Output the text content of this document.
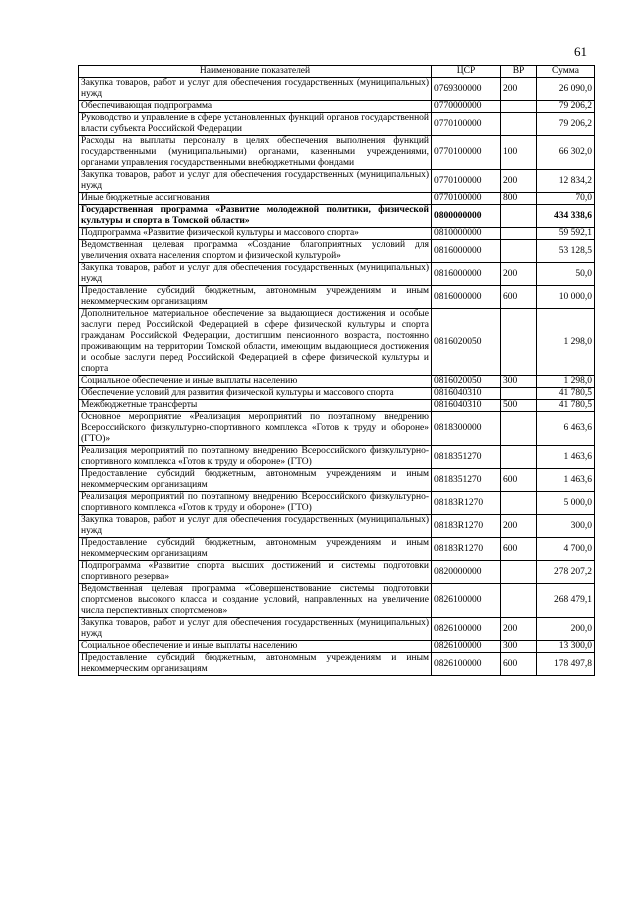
61
Наименование показателей	ЦСР	ВР	Сумма
Закупка товаров, работ и услуг для обеспечения государственных (муниципальных) нужд	0769300000	200	26 090,0
Обеспечивающая подпрограмма	0770000000		79 206,2
Руководство и управление в сфере установленных функций органов государственной власти субъекта Российской Федерации	0770100000		79 206,2
Расходы на выплаты персоналу в целях обеспечения выполнения функций государственными (муниципальными) органами, казенными учреждениями, органами управления государственными внебюджетными фондами	0770100000	100	66 302,0
Закупка товаров, работ и услуг для обеспечения государственных (муниципальных) нужд	0770100000	200	12 834,2
Иные бюджетные ассигнования	0770100000	800	70,0
Государственная программа «Развитие молодежной политики, физической культуры и спорта в Томской области»	0800000000		434 338,6
Подпрограмма «Развитие физической культуры и массового спорта»	0810000000		59 592,1
Ведомственная целевая программа «Создание благоприятных условий для увеличения охвата населения спортом и физической культурой»	0816000000		53 128,5
Закупка товаров, работ и услуг для обеспечения государственных (муниципальных) нужд	0816000000	200	50,0
Предоставление субсидий бюджетным, автономным учреждениям и иным некоммерческим организациям	0816000000	600	10 000,0
Дополнительное материальное обеспечение за выдающиеся достижения и особые заслуги перед Российской Федерацией в сфере физической культуры и спорта гражданам Российской Федерации, достигшим пенсионного возраста, постоянно проживающим на территории Томской области, имеющим выдающиеся достижения и особые заслуги перед Российской Федерацией в сфере физической культуры и спорта	0816020050		1 298,0
Социальное обеспечение и иные выплаты населению	0816020050	300	1 298,0
Обеспечение условий для развития физической культуры и массового спорта	0816040310		41 780,5
Межбюджетные трансферты	0816040310	500	41 780,5
Основное мероприятие «Реализация мероприятий по поэтапному внедрению Всероссийского физкультурно-спортивного комплекса «Готов к труду и обороне» (ГТО)»	0818300000		6 463,6
Реализация мероприятий по поэтапному внедрению Всероссийского физкультурно-спортивного комплекса «Готов к труду и обороне» (ГТО)	0818351270		1 463,6
Предоставление субсидий бюджетным, автономным учреждениям и иным некоммерческим организациям	0818351270	600	1 463,6
Реализация мероприятий по поэтапному внедрению Всероссийского физкультурно-спортивного комплекса «Готов к труду и обороне» (ГТО)	08183R1270		5 000,0
Закупка товаров, работ и услуг для обеспечения государственных (муниципальных) нужд	08183R1270	200	300,0
Предоставление субсидий бюджетным, автономным учреждениям и иным некоммерческим организациям	08183R1270	600	4 700,0
Подпрограмма «Развитие спорта высших достижений и системы подготовки спортивного резерва»	0820000000		278 207,2
Ведомственная целевая программа «Совершенствование системы подготовки спортсменов высокого класса и создание условий, направленных на увеличение числа перспективных спортсменов»	0826100000		268 479,1
Закупка товаров, работ и услуг для обеспечения государственных (муниципальных) нужд	0826100000	200	200,0
Социальное обеспечение и иные выплаты населению	0826100000	300	13 300,0
Предоставление субсидий бюджетным, автономным учреждениям и иным некоммерческим организациям	0826100000	600	178 497,8
